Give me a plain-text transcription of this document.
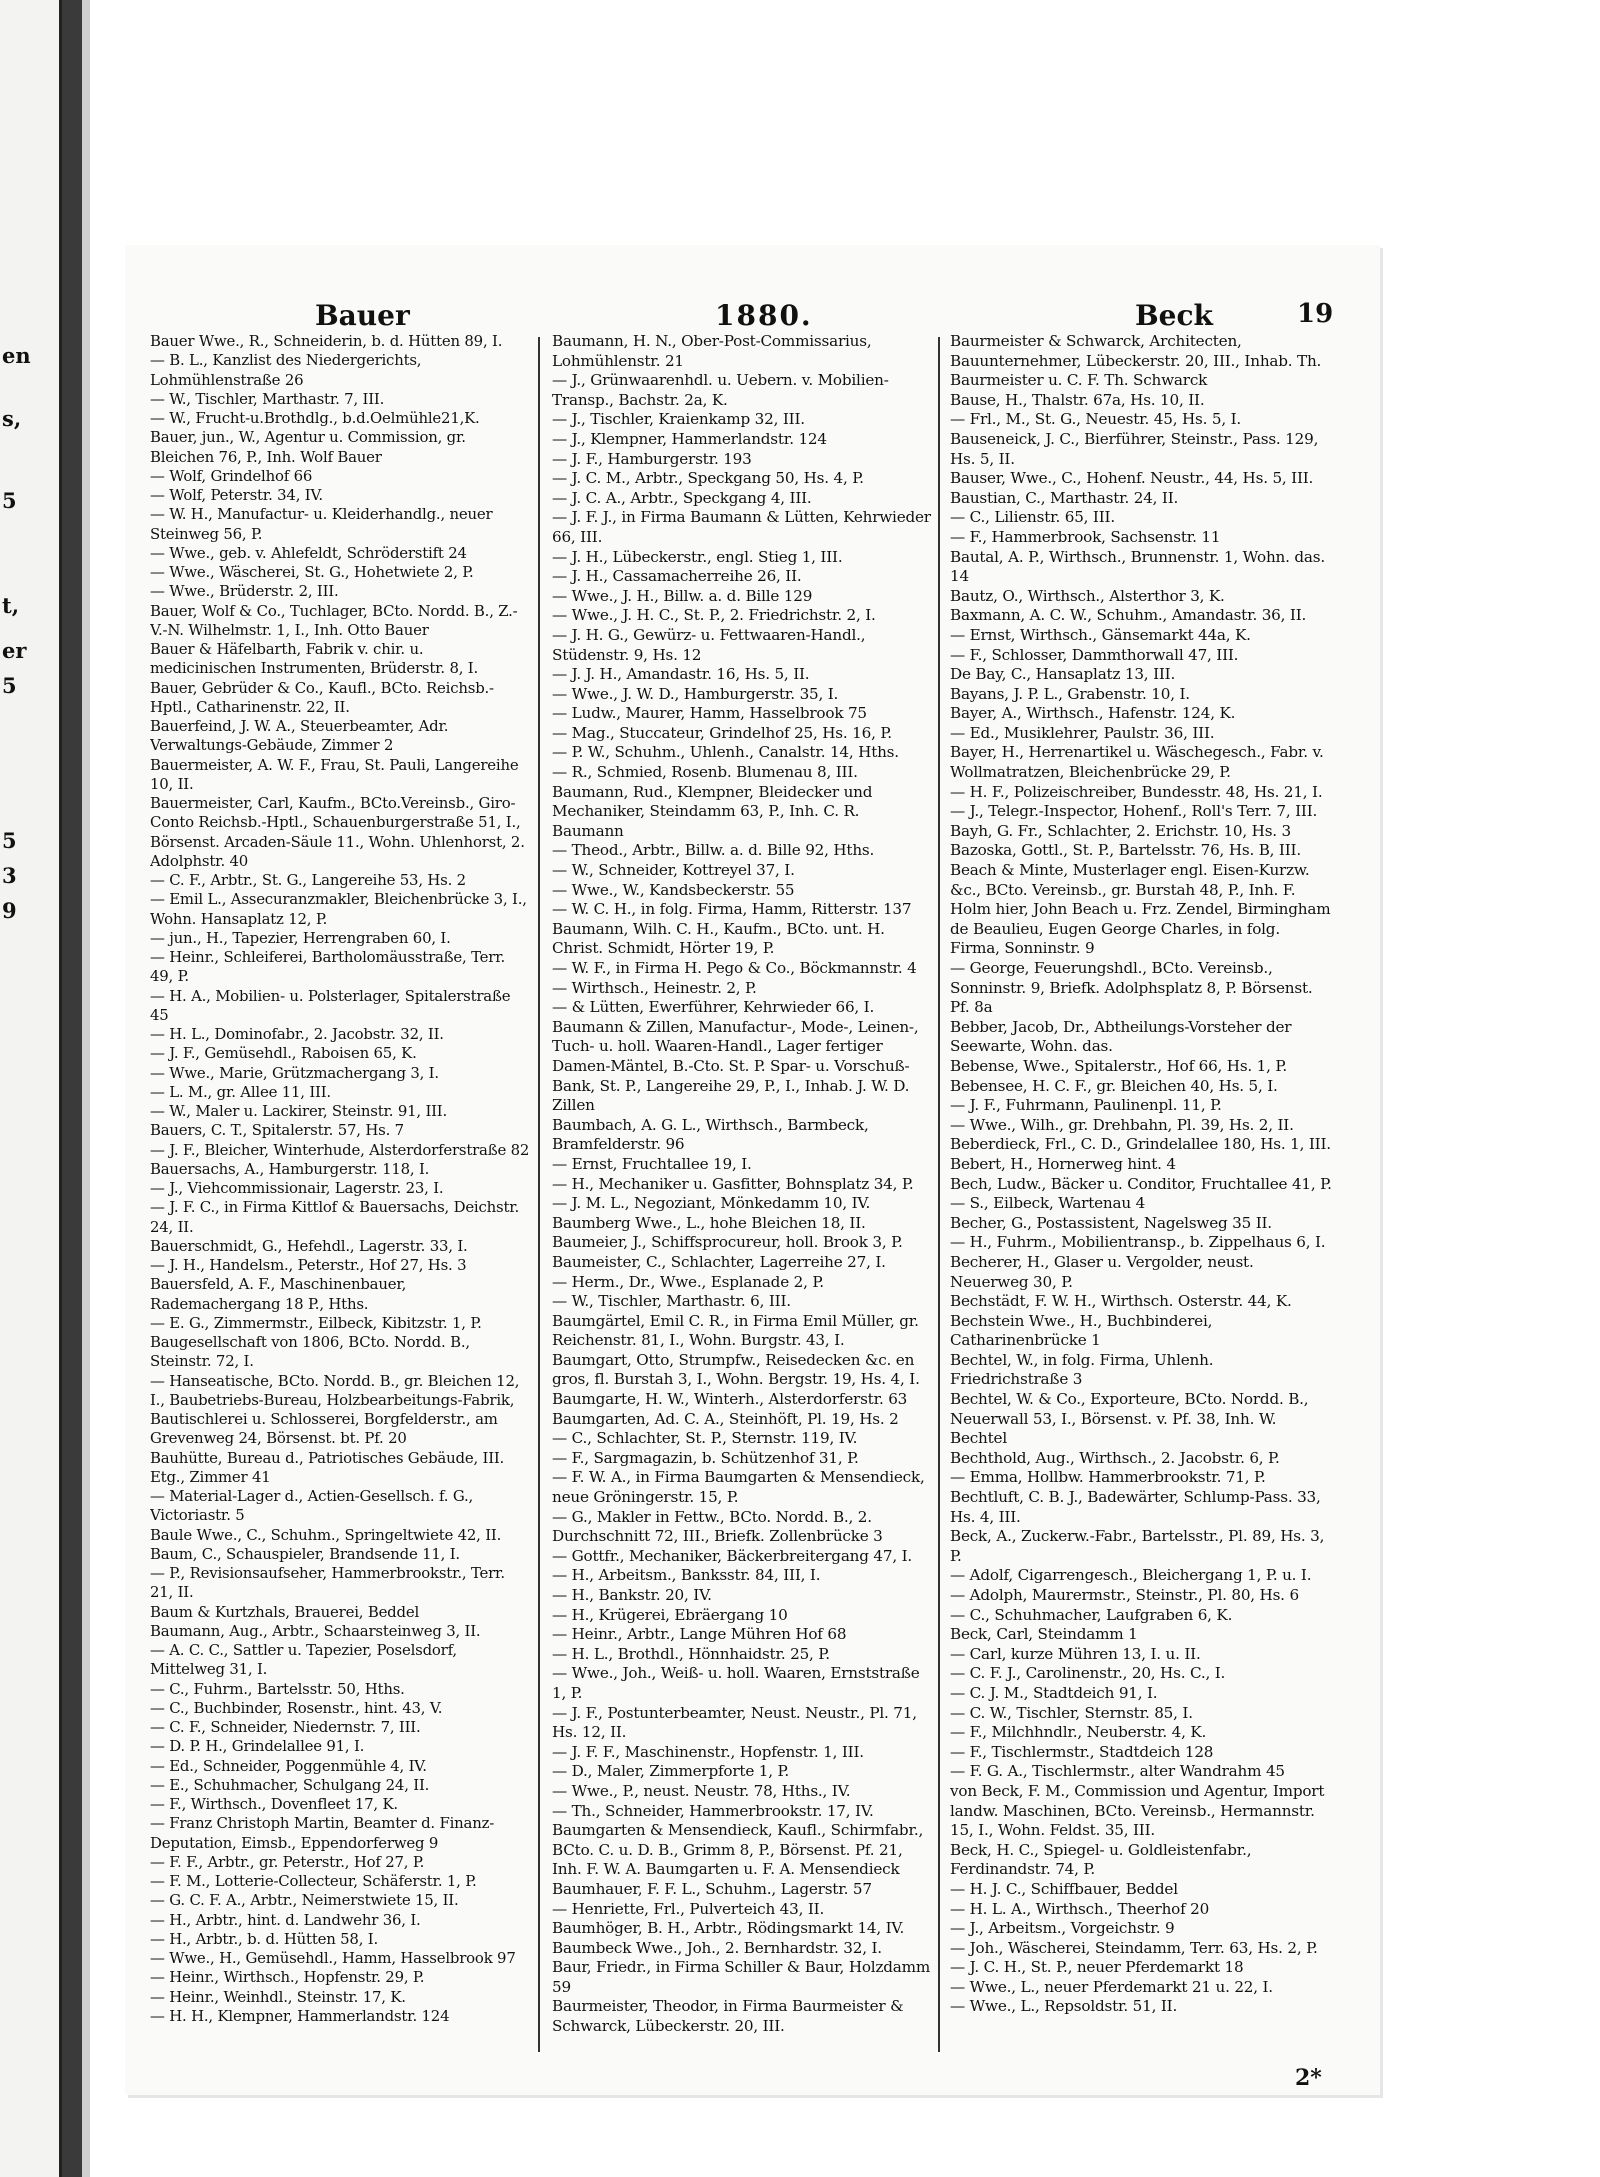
en
s,
5
t,
er
5
5
3
9
Bauer	1880.	Beck	19

Bauer Wwe., R., Schneiderin, b. d. Hütten 89, I.

— B. L., Kanzlist des Niedergerichts, Lohmühlenstraße 26

— W., Tischler, Marthastr. 7, III.

— W., Frucht-u.Brothdlg., b.d.Oelmühle21,K.

Bauer, jun., W., Agentur u. Commission, gr. Bleichen 76, P., Inh. Wolf Bauer

— Wolf, Grindelhof 66

— Wolf, Peterstr. 34, IV.

— W. H., Manufactur- u. Kleiderhandlg., neuer Steinweg 56, P.

— Wwe., geb. v. Ahlefeldt, Schröderstift 24

— Wwe., Wäscherei, St. G., Hohetwiete 2, P.

— Wwe., Brüderstr. 2, III.

Bauer, Wolf & Co., Tuchlager, BCto. Nordd. B., Z.-V.-N. Wilhelmstr. 1, I., Inh. Otto Bauer

Bauer & Häfelbarth, Fabrik v. chir. u. medicinischen Instrumenten, Brüderstr. 8, I.

Bauer, Gebrüder & Co., Kaufl., BCto. Reichsb.-Hptl., Catharinenstr. 22, II.

Bauerfeind, J. W. A., Steuerbeamter, Adr. Verwaltungs-Gebäude, Zimmer 2

Bauermeister, A. W. F., Frau, St. Pauli, Langereihe 10, II.

Bauermeister, Carl, Kaufm., BCto.Vereinsb., Giro-Conto Reichsb.-Hptl., Schauenburgerstraße 51, I., Börsenst. Arcaden-Säule 11., Wohn. Uhlenhorst, 2. Adolphstr. 40

— C. F., Arbtr., St. G., Langereihe 53, Hs. 2

— Emil L., Assecuranzmakler, Bleichenbrücke 3, I., Wohn. Hansaplatz 12, P.

— jun., H., Tapezier, Herrengraben 60, I.

— Heinr., Schleiferei, Bartholomäusstraße, Terr. 49, P.

— H. A., Mobilien- u. Polsterlager, Spitalerstraße 45

— H. L., Dominofabr., 2. Jacobstr. 32, II.

— J. F., Gemüsehdl., Raboisen 65, K.

— Wwe., Marie, Grützmachergang 3, I.

— L. M., gr. Allee 11, III.

— W., Maler u. Lackirer, Steinstr. 91, III.

Bauers, C. T., Spitalerstr. 57, Hs. 7

— J. F., Bleicher, Winterhude, Alsterdorferstraße 82

Bauersachs, A., Hamburgerstr. 118, I.

— J., Viehcommissionair, Lagerstr. 23, I.

— J. F. C., in Firma Kittlof & Bauersachs, Deichstr. 24, II.

Bauerschmidt, G., Hefehdl., Lagerstr. 33, I.

— J. H., Handelsm., Peterstr., Hof 27, Hs. 3

Bauersfeld, A. F., Maschinenbauer, Rademachergang 18 P., Hths.

— E. G., Zimmermstr., Eilbeck, Kibitzstr. 1, P.

Baugesellschaft von 1806, BCto. Nordd. B., Steinstr. 72, I.

— Hanseatische, BCto. Nordd. B., gr. Bleichen 12, I., Baubetriebs-Bureau, Holzbearbeitungs-Fabrik, Bautischlerei u. Schlosserei, Borgfelderstr., am Grevenweg 24, Börsenst. bt. Pf. 20

Bauhütte, Bureau d., Patriotisches Gebäude, III. Etg., Zimmer 41

— Material-Lager d., Actien-Gesellsch. f. G., Victoriastr. 5

Baule Wwe., C., Schuhm., Springeltwiete 42, II.

Baum, C., Schauspieler, Brandsende 11, I.

— P., Revisionsaufseher, Hammerbrookstr., Terr. 21, II.

Baum & Kurtzhals, Brauerei, Beddel

Baumann, Aug., Arbtr., Schaarsteinweg 3, II.

— A. C. C., Sattler u. Tapezier, Poselsdorf, Mittelweg 31, I.

— C., Fuhrm., Bartelsstr. 50, Hths.

— C., Buchbinder, Rosenstr., hint. 43, V.

— C. F., Schneider, Niedernstr. 7, III.

— D. P. H., Grindelallee 91, I.

— Ed., Schneider, Poggenmühle 4, IV.

— E., Schuhmacher, Schulgang 24, II.

— F., Wirthsch., Dovenfleet 17, K.

— Franz Christoph Martin, Beamter d. Finanz-Deputation, Eimsb., Eppendorferweg 9

— F. F., Arbtr., gr. Peterstr., Hof 27, P.

— F. M., Lotterie-Collecteur, Schäferstr. 1, P.

— G. C. F. A., Arbtr., Neimerstwiete 15, II.

— H., Arbtr., hint. d. Landwehr 36, I.

— H., Arbtr., b. d. Hütten 58, I.

— Wwe., H., Gemüsehdl., Hamm, Hasselbrook 97

— Heinr., Wirthsch., Hopfenstr. 29, P.

— Heinr., Weinhdl., Steinstr. 17, K.

— H. H., Klempner, Hammerlandstr. 124

Baumann, H. N., Ober-Post-Commissarius, Lohmühlenstr. 21

— J., Grünwaarenhdl. u. Uebern. v. Mobilien-Transp., Bachstr. 2a, K.

— J., Tischler, Kraienkamp 32, III.

— J., Klempner, Hammerlandstr. 124

— J. F., Hamburgerstr. 193

— J. C. M., Arbtr., Speckgang 50, Hs. 4, P.

— J. C. A., Arbtr., Speckgang 4, III.

— J. F. J., in Firma Baumann & Lütten, Kehrwieder 66, III.

— J. H., Lübeckerstr., engl. Stieg 1, III.

— J. H., Cassamacherreihe 26, II.

— Wwe., J. H., Billw. a. d. Bille 129

— Wwe., J. H. C., St. P., 2. Friedrichstr. 2, I.

— J. H. G., Gewürz- u. Fettwaaren-Handl., Stüdenstr. 9, Hs. 12

— J. J. H., Amandastr. 16, Hs. 5, II.

— Wwe., J. W. D., Hamburgerstr. 35, I.

— Ludw., Maurer, Hamm, Hasselbrook 75

— Mag., Stuccateur, Grindelhof 25, Hs. 16, P.

— P. W., Schuhm., Uhlenh., Canalstr. 14, Hths.

— R., Schmied, Rosenb. Blumenau 8, III.

Baumann, Rud., Klempner, Bleidecker und Mechaniker, Steindamm 63, P., Inh. C. R. Baumann

— Theod., Arbtr., Billw. a. d. Bille 92, Hths.

— W., Schneider, Kottreyel 37, I.

— Wwe., W., Kandsbeckerstr. 55

— W. C. H., in folg. Firma, Hamm, Ritterstr. 137

Baumann, Wilh. C. H., Kaufm., BCto. unt. H. Christ. Schmidt, Hörter 19, P.

— W. F., in Firma H. Pego & Co., Böckmannstr. 4

— Wirthsch., Heinestr. 2, P.

— & Lütten, Ewerführer, Kehrwieder 66, I.

Baumann & Zillen, Manufactur-, Mode-, Leinen-, Tuch- u. holl. Waaren-Handl., Lager fertiger Damen-Mäntel, B.-Cto. St. P. Spar- u. Vorschuß-Bank, St. P., Langereihe 29, P., I., Inhab. J. W. D. Zillen

Baumbach, A. G. L., Wirthsch., Barmbeck, Bramfelderstr. 96

— Ernst, Fruchtallee 19, I.

— H., Mechaniker u. Gasfitter, Bohnsplatz 34, P.

— J. M. L., Negoziant, Mönkedamm 10, IV.

Baumberg Wwe., L., hohe Bleichen 18, II.

Baumeier, J., Schiffsprocureur, holl. Brook 3, P.

Baumeister, C., Schlachter, Lagerreihe 27, I.

— Herm., Dr., Wwe., Esplanade 2, P.

— W., Tischler, Marthastr. 6, III.

Baumgärtel, Emil C. R., in Firma Emil Müller, gr. Reichenstr. 81, I., Wohn. Burgstr. 43, I.

Baumgart, Otto, Strumpfw., Reisedecken &c. en gros, fl. Burstah 3, I., Wohn. Bergstr. 19, Hs. 4, I.

Baumgarte, H. W., Winterh., Alsterdorferstr. 63

Baumgarten, Ad. C. A., Steinhöft, Pl. 19, Hs. 2

— C., Schlachter, St. P., Sternstr. 119, IV.

— F., Sargmagazin, b. Schützenhof 31, P.

— F. W. A., in Firma Baumgarten & Mensendieck, neue Gröningerstr. 15, P.

— G., Makler in Fettw., BCto. Nordd. B., 2. Durchschnitt 72, III., Briefk. Zollenbrücke 3

— Gottfr., Mechaniker, Bäckerbreitergang 47, I.

— H., Arbeitsm., Banksstr. 84, III, I.

— H., Bankstr. 20, IV.

— H., Krügerei, Ebräergang 10

— Heinr., Arbtr., Lange Mühren Hof 68

— H. L., Brothdl., Hönnhaidstr. 25, P.

— Wwe., Joh., Weiß- u. holl. Waaren, Ernststraße 1, P.

— J. F., Postunterbeamter, Neust. Neustr., Pl. 71, Hs. 12, II.

— J. F. F., Maschinenstr., Hopfenstr. 1, III.

— D., Maler, Zimmerpforte 1, P.

— Wwe., P., neust. Neustr. 78, Hths., IV.

— Th., Schneider, Hammerbrookstr. 17, IV.

Baumgarten & Mensendieck, Kaufl., Schirmfabr., BCto. C. u. D. B., Grimm 8, P., Börsenst. Pf. 21, Inh. F. W. A. Baumgarten u. F. A. Mensendieck

Baumhauer, F. F. L., Schuhm., Lagerstr. 57

— Henriette, Frl., Pulverteich 43, II.

Baumhöger, B. H., Arbtr., Rödingsmarkt 14, IV.

Baumbeck Wwe., Joh., 2. Bernhardstr. 32, I.

Baur, Friedr., in Firma Schiller & Baur, Holzdamm 59

Baurmeister, Theodor, in Firma Baurmeister & Schwarck, Lübeckerstr. 20, III.

Baurmeister & Schwarck, Architecten, Bauunternehmer, Lübeckerstr. 20, III., Inhab. Th. Baurmeister u. C. F. Th. Schwarck

Bause, H., Thalstr. 67a, Hs. 10, II.

— Frl., M., St. G., Neuestr. 45, Hs. 5, I.

Bauseneick, J. C., Bierführer, Steinstr., Pass. 129, Hs. 5, II.

Bauser, Wwe., C., Hohenf. Neustr., 44, Hs. 5, III.

Baustian, C., Marthastr. 24, II.

— C., Lilienstr. 65, III.

— F., Hammerbrook, Sachsenstr. 11

Bautal, A. P., Wirthsch., Brunnenstr. 1, Wohn. das. 14

Bautz, O., Wirthsch., Alsterthor 3, K.

Baxmann, A. C. W., Schuhm., Amandastr. 36, II.

— Ernst, Wirthsch., Gänsemarkt 44a, K.

— F., Schlosser, Dammthorwall 47, III.

De Bay, C., Hansaplatz 13, III.

Bayans, J. P. L., Grabenstr. 10, I.

Bayer, A., Wirthsch., Hafenstr. 124, K.

— Ed., Musiklehrer, Paulstr. 36, III.

Bayer, H., Herrenartikel u. Wäschegesch., Fabr. v. Wollmatratzen, Bleichenbrücke 29, P.

— H. F., Polizeischreiber, Bundesstr. 48, Hs. 21, I.

— J., Telegr.-Inspector, Hohenf., Roll's Terr. 7, III.

Bayh, G. Fr., Schlachter, 2. Erichstr. 10, Hs. 3

Bazoska, Gottl., St. P., Bartelsstr. 76, Hs. B, III.

Beach & Minte, Musterlager engl. Eisen-Kurzw. &c., BCto. Vereinsb., gr. Burstah 48, P., Inh. F. Holm hier, John Beach u. Frz. Zendel, Birmingham

de Beaulieu, Eugen George Charles, in folg. Firma, Sonninstr. 9

— George, Feuerungshdl., BCto. Vereinsb., Sonninstr. 9, Briefk. Adolphsplatz 8, P. Börsenst. Pf. 8a

Bebber, Jacob, Dr., Abtheilungs-Vorsteher der Seewarte, Wohn. das.

Bebense, Wwe., Spitalerstr., Hof 66, Hs. 1, P.

Bebensee, H. C. F., gr. Bleichen 40, Hs. 5, I.

— J. F., Fuhrmann, Paulinenpl. 11, P.

— Wwe., Wilh., gr. Drehbahn, Pl. 39, Hs. 2, II.

Beberdieck, Frl., C. D., Grindelallee 180, Hs. 1, III.

Bebert, H., Hornerweg hint. 4

Bech, Ludw., Bäcker u. Conditor, Fruchtallee 41, P.

— S., Eilbeck, Wartenau 4

Becher, G., Postassistent, Nagelsweg 35 II.

— H., Fuhrm., Mobilientransp., b. Zippelhaus 6, I.

Becherer, H., Glaser u. Vergolder, neust. Neuerweg 30, P.

Bechstädt, F. W. H., Wirthsch. Osterstr. 44, K.

Bechstein Wwe., H., Buchbinderei, Catharinenbrücke 1

Bechtel, W., in folg. Firma, Uhlenh. Friedrichstraße 3

Bechtel, W. & Co., Exporteure, BCto. Nordd. B., Neuerwall 53, I., Börsenst. v. Pf. 38, Inh. W. Bechtel

Bechthold, Aug., Wirthsch., 2. Jacobstr. 6, P.

— Emma, Hollbw. Hammerbrookstr. 71, P.

Bechtluft, C. B. J., Badewärter, Schlump-Pass. 33, Hs. 4, III.

Beck, A., Zuckerw.-Fabr., Bartelsstr., Pl. 89, Hs. 3, P.

— Adolf, Cigarrengesch., Bleichergang 1, P. u. I.

— Adolph, Maurermstr., Steinstr., Pl. 80, Hs. 6

— C., Schuhmacher, Laufgraben 6, K.

Beck, Carl, Steindamm 1

— Carl, kurze Mühren 13, I. u. II.

— C. F. J., Carolinenstr., 20, Hs. C., I.

— C. J. M., Stadtdeich 91, I.

— C. W., Tischler, Sternstr. 85, I.

— F., Milchhndlr., Neuberstr. 4, K.

— F., Tischlermstr., Stadtdeich 128

— F. G. A., Tischlermstr., alter Wandrahm 45

von Beck, F. M., Commission und Agentur, Import landw. Maschinen, BCto. Vereinsb., Hermannstr. 15, I., Wohn. Feldst. 35, III.

Beck, H. C., Spiegel- u. Goldleistenfabr., Ferdinandstr. 74, P.

— H. J. C., Schiffbauer, Beddel

— H. L. A., Wirthsch., Theerhof 20

— J., Arbeitsm., Vorgeichstr. 9

— Joh., Wäscherei, Steindamm, Terr. 63, Hs. 2, P.

— J. C. H., St. P., neuer Pferdemarkt 18

— Wwe., L., neuer Pferdemarkt 21 u. 22, I.

— Wwe., L., Repsoldstr. 51, II.

2*
